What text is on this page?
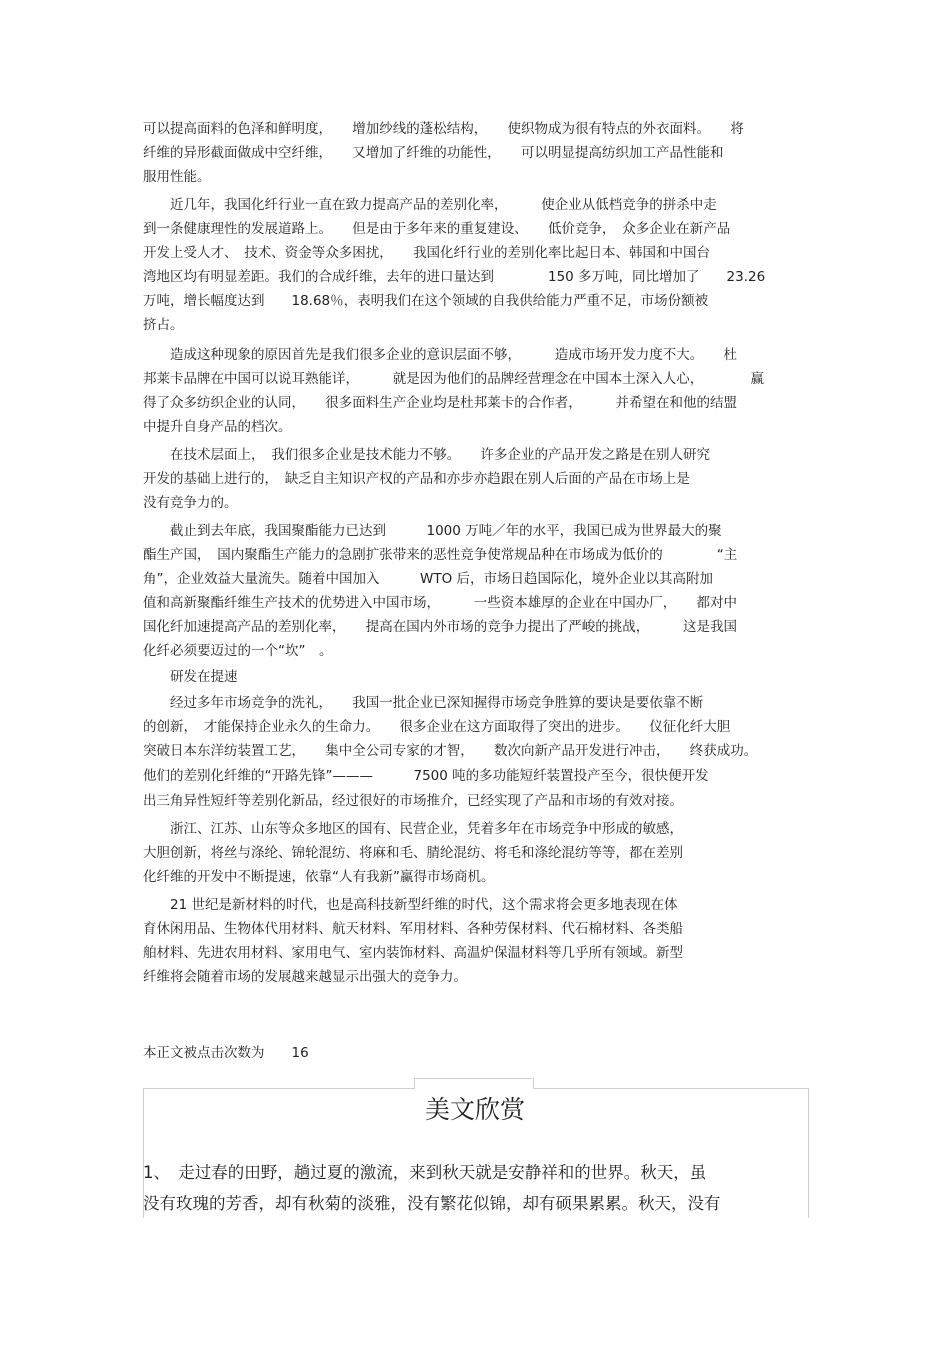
可以提高面料的色泽和鲜明度，　　增加纱线的蓬松结构，　　使织物成为很有特点的外衣面料。　　将
纤维的异形截面做成中空纤维，　　又增加了纤维的功能性，　　可以明显提高纺织加工产品性能和
服用性能。
　　近几年，我国化纤行业一直在致力提高产品的差别化率，　　　使企业从低档竞争的拼杀中走
到一条健康理性的发展道路上。　　但是由于多年来的重复建设、　　低价竞争，　众多企业在新产品
开发上受人才、　技术、资金等众多困扰，　　我国化纤行业的差别化率比起日本、韩国和中国台
湾地区均有明显差距。我们的合成纤维，去年的进口量达到　　　　150 多万吨，同比增加了　　23.26
万吨，增长幅度达到　　18.68％，表明我们在这个领域的自我供给能力严重不足，市场份额被
挤占。
　　造成这种现象的原因首先是我们很多企业的意识层面不够，　　　造成市场开发力度不大。　　杜
邦莱卡品牌在中国可以说耳熟能详，　　　就是因为他们的品牌经营理念在中国本土深入人心，　　　　赢
得了众多纺织企业的认同，　　很多面料生产企业均是杜邦莱卡的合作者，　　　并希望在和他的结盟
中提升自身产品的档次。
　　在技术层面上，　我们很多企业是技术能力不够。　　许多企业的产品开发之路是在别人研究
开发的基础上进行的，　缺乏自主知识产权的产品和亦步亦趋跟在别人后面的产品在市场上是
没有竞争力的。
　　截止到去年底，我国聚酯能力已达到　　　1000 万吨／年的水平，我国已成为世界最大的聚
酯生产国，　国内聚酯生产能力的急剧扩张带来的恶性竞争使常规品种在市场成为低价的　　　　“主
角”，企业效益大量流失。随着中国加入　　　WTO 后，市场日趋国际化，境外企业以其高附加
值和高新聚酯纤维生产技术的优势进入中国市场，　　　一些资本雄厚的企业在中国办厂，　　都对中
国化纤加速提高产品的差别化率，　　提高在国内外市场的竞争力提出了严峻的挑战，　　　这是我国
化纤必须要迈过的一个“坎”　。
　　研发在提速
　　经过多年市场竞争的洗礼，　　我国一批企业已深知握得市场竞争胜算的要诀是要依靠不断
的创新，　才能保持企业永久的生命力。　　很多企业在这方面取得了突出的进步。　　仪征化纤大胆
突破日本东洋纺装置工艺，　　集中全公司专家的才智，　　数次向新产品开发进行冲击，　　终获成功。
他们的差别化纤维的“开路先锋”———　　　7500 吨的多功能短纤装置投产至今，很快便开发
出三角异性短纤等差别化新品，经过很好的市场推介，已经实现了产品和市场的有效对接。
　　浙江、江苏、山东等众多地区的国有、民营企业，凭着多年在市场竞争中形成的敏感，
大胆创新，将丝与涤纶、锦轮混纺、将麻和毛、腈纶混纺、将毛和涤纶混纺等等，都在差别
化纤维的开发中不断提速，依靠“人有我新”赢得市场商机。
　　21 世纪是新材料的时代，也是高科技新型纤维的时代，这个需求将会更多地表现在体
育休闲用品、生物体代用材料、航天材料、军用材料、各种劳保材料、代石棉材料、各类船
舶材料、先进农用材料、家用电气、室内装饰材料、高温炉保温材料等几乎所有领域。新型
纤维将会随着市场的发展越来越显示出强大的竞争力。
本正文被点击次数为　　16
美文欣赏
1、　走过春的田野，趟过夏的激流，来到秋天就是安静祥和的世界。秋天，虽
没有玫瑰的芳香，却有秋菊的淡雅，没有繁花似锦，却有硕果累累。秋天，没有
